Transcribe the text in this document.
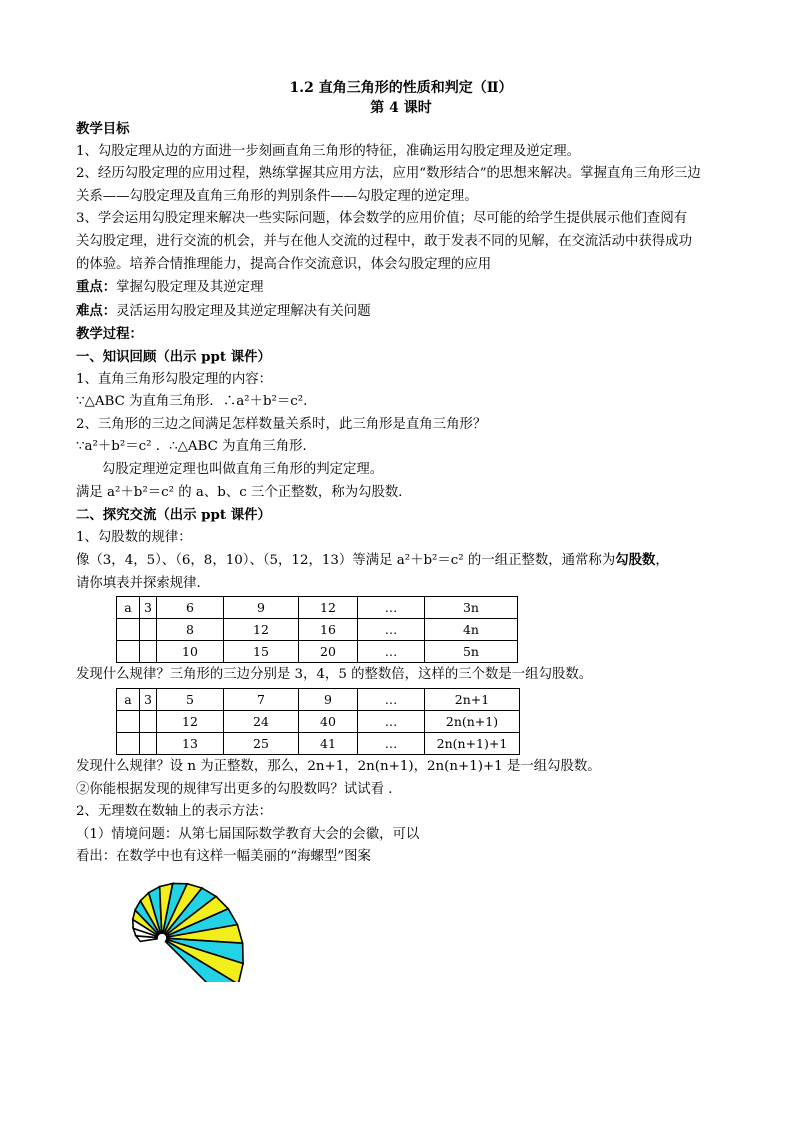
1.2 直角三角形的性质和判定（Ⅱ）
第 4 课时
教学目标
1、勾股定理从边的方面进一步刻画直角三角形的特征，准确运用勾股定理及逆定理。
2、经历勾股定理的应用过程，熟练掌握其应用方法，应用“数形结合”的思想来解决。掌握直角三角形三边
关系——勾股定理及直角三角形的判别条件——勾股定理的逆定理。
3、学会运用勾股定理来解决一些实际问题，体会数学的应用价值；尽可能的给学生提供展示他们查阅有
关勾股定理，进行交流的机会，并与在他人交流的过程中，敢于发表不同的见解，在交流活动中获得成功
的体验。培养合情推理能力，提高合作交流意识，体会勾股定理的应用
重点：掌握勾股定理及其逆定理
难点：灵活运用勾股定理及其逆定理解决有关问题
教学过程：
一、知识回顾（出示 ppt 课件）
1、直角三角形勾股定理的内容：
∵△ABC 为直角三角形．∴a²＋b²＝c².
2、三角形的三边之间满足怎样数量关系时，此三角形是直角三角形？
∵a²＋b²＝c² ．∴△ABC 为直角三角形．
勾股定理逆定理也叫做直角三角形的判定定理。
满足 a²＋b²＝c² 的 a、b、c 三个正整数，称为勾股数．
二、探究交流（出示 ppt 课件）
1、勾股数的规律：
像（3，4，5）、（6，8，10）、（5，12，13）等满足 a²＋b²＝c² 的一组正整数，通常称为勾股数，
请你填表并探索规律．
a	3	6	9	12	…	3n
		8	12	16	…	4n
		10	15	20	…	5n
发现什么规律？三角形的三边分别是 3，4，5 的整数倍，这样的三个数是一组勾股数。
a	3	5	7	9	…	2n+1
		12	24	40	…	2n(n+1)
		13	25	41	…	2n(n+1)+1
发现什么规律？设 n 为正整数，那么，2n+1，2n(n+1)，2n(n+1)+1 是一组勾股数。
②你能根据发现的规律写出更多的勾股数吗？试试看 ．
2、无理数在数轴上的表示方法：
（1）情境问题：从第七届国际数学教育大会的会徽，可以
看出：在数学中也有这样一幅美丽的“海螺型”图案
